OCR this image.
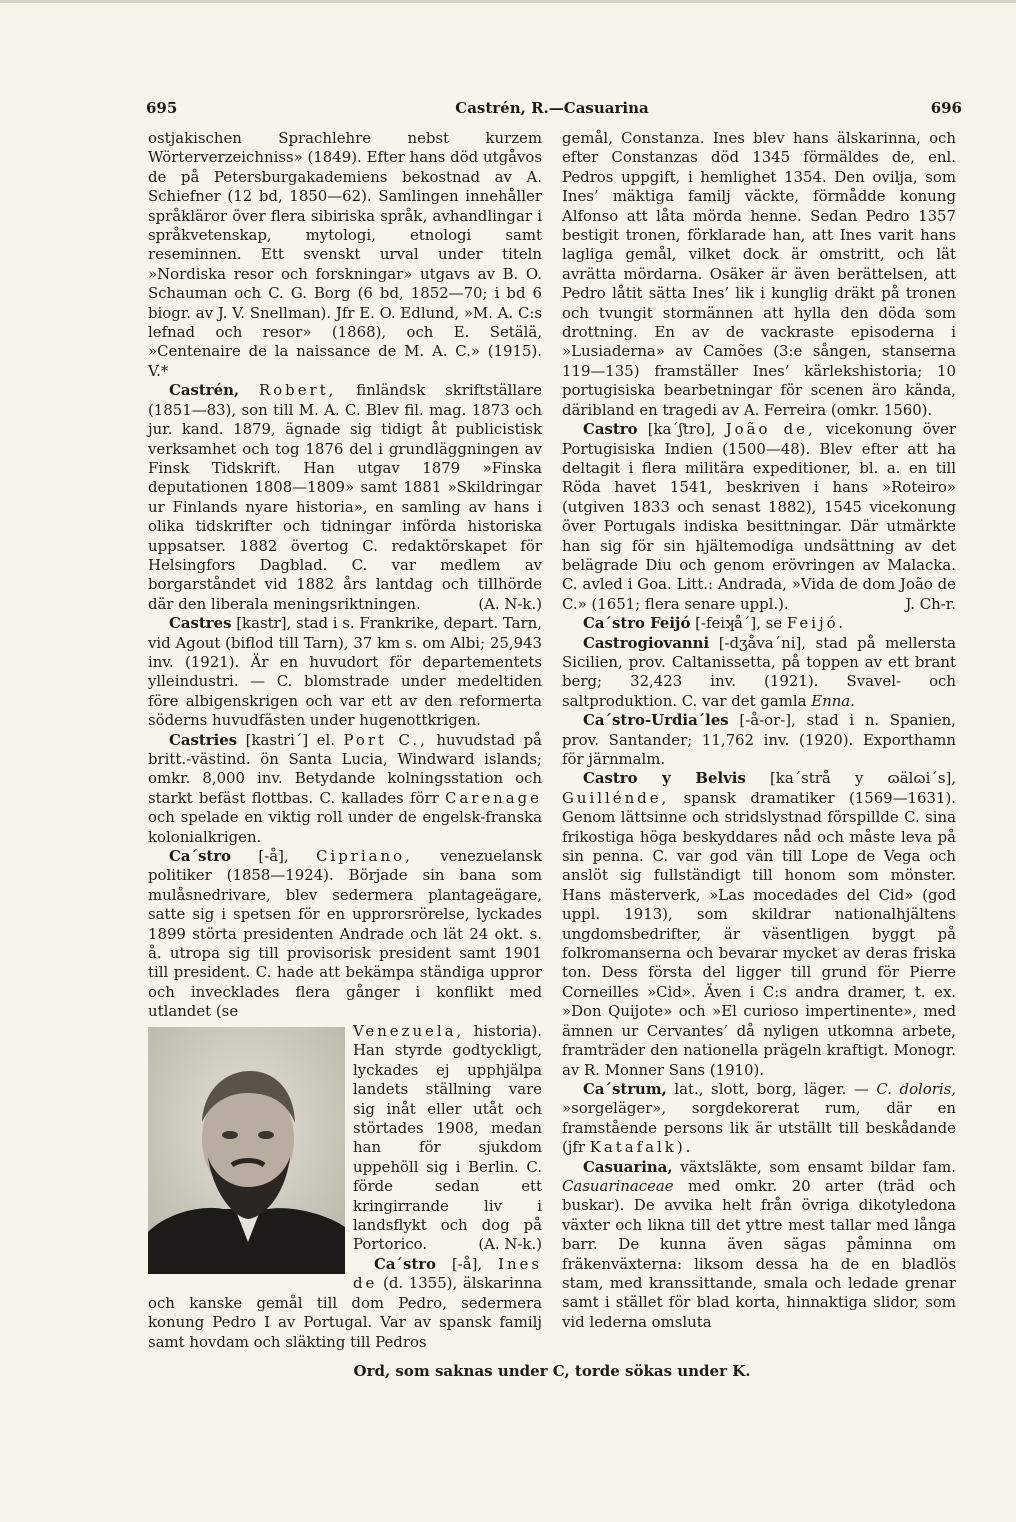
695	Castrén, R.—Casuarina	696

ostjakischen Sprachlehre nebst kurzem Wörterverzeichniss» (1849). Efter hans död utgåvos de på Petersburgakademiens bekostnad av A. Schiefner (12 bd, 1850—62). Samlingen innehåller språkläror över flera sibiriska språk, avhandlingar i språkvetenskap, mytologi, etnologi samt reseminnen. Ett svenskt urval under titeln »Nordiska resor och forskningar» utgavs av B. O. Schauman och C. G. Borg (6 bd, 1852—70; i bd 6 biogr. av J. V. Snellman). Jfr E. O. Edlund, »M. A. C:s lefnad och resor» (1868), och E. Setälä, »Centenaire de la naissance de M. A. C.» (1915). V.*

Castrén, Robert, finländsk skriftställare (1851—83), son till M. A. C. Blev fil. mag. 1873 och jur. kand. 1879, ägnade sig tidigt åt publicistisk verksamhet och tog 1876 del i grundläggningen av Finsk Tidskrift. Han utgav 1879 »Finska deputationen 1808—1809» samt 1881 »Skildringar ur Finlands nyare historia», en samling av hans i olika tidskrifter och tidningar införda historiska uppsatser. 1882 övertog C. redaktörskapet för Helsingfors Dagblad. C. var medlem av borgarståndet vid 1882 års lantdag och tillhörde där den liberala meningsriktningen.	(A. N-k.)

Castres [kastr], stad i s. Frankrike, depart. Tarn, vid Agout (biflod till Tarn), 37 km s. om Albi; 25,943 inv. (1921). Är en huvudort för departementets ylleindustri. — C. blomstrade under medeltiden före albigenskrigen och var ett av den reformerta söderns huvudfästen under hugenottkrigen.

Castries [kastri´] el. Port C., huvudstad på britt.-västind. ön Santa Lucia, Windward islands; omkr. 8,000 inv. Betydande kolningsstation och starkt befäst flottbas. C. kallades förr Carenage och spelade en viktig roll under de engelsk-franska kolonialkrigen.

Ca´stro [-å], Cipriano, venezuelansk politiker (1858—1924). Började sin bana som mulåsnedrivare, blev sedermera plantageägare, satte sig i spetsen för en upprorsrörelse, lyckades 1899 störta presidenten Andrade och lät 24 okt. s. å. utropa sig till provisorisk president samt 1901 till president. C. hade att bekämpa ständiga uppror och invecklades flera gånger i konflikt med utlandet (se

Venezuela, historia). Han styrde godtyckligt, lyckades ej upphjälpa landets ställning vare sig inåt eller utåt och störtades 1908, medan han för sjukdom uppehöll sig i Berlin. C. förde sedan ett kringirrande liv i landsflykt och dog på Portorico.	(A. N-k.)

Ca´stro [-å], Ines de (d. 1355), älskarinna och kanske gemål till dom Pedro, sedermera konung Pedro I av Portugal. Var av spansk familj samt hovdam och släkting till Pedros

gemål, Constanza. Ines blev hans älskarinna, och efter Constanzas död 1345 förmäldes de, enl. Pedros uppgift, i hemlighet 1354. Den ovilja, som Ines’ mäktiga familj väckte, förmådde konung Alfonso att låta mörda henne. Sedan Pedro 1357 bestigit tronen, förklarade han, att Ines varit hans lagliga gemål, vilket dock är omstritt, och lät avrätta mördarna. Osäker är även berättelsen, att Pedro låtit sätta Ines’ lik i kunglig dräkt på tronen och tvungit stormännen att hylla den döda som drottning. En av de vackraste episoderna i »Lusiaderna» av Camões (3:e sången, stanserna 119—135) framställer Ines’ kärlekshistoria; 10 portugisiska bearbetningar för scenen äro kända, däribland en tragedi av A. Ferreira (omkr. 1560).

Castro [ka´ʃtro], João de, vicekonung över Portugisiska Indien (1500—48). Blev efter att ha deltagit i flera militära expeditioner, bl. a. en till Röda havet 1541, beskriven i hans »Roteiro» (utgiven 1833 och senast 1882), 1545 vicekonung över Portugals indiska besittningar. Där utmärkte han sig för sin hjältemodiga undsättning av det belägrade Diu och genom erövringen av Malacka. C. avled i Goa. Litt.: Andrada, »Vida de dom João de C.» (1651; flera senare uppl.).	J. Ch-r.

Ca´stro Feijó [-feiʞå´], se Feijó.

Castrogiovanni [-dʒåva´ni], stad på mellersta Sicilien, prov. Caltanissetta, på toppen av ett brant berg; 32,423 inv. (1921). Svavel- och saltproduktion. C. var det gamla Enna.

Ca´stro-Urdia´les [-å-or-], stad i n. Spanien, prov. Santander; 11,762 inv. (1920). Exporthamn för järnmalm.

Castro y Belvis [ka´strå y ɷälɷi´s], Guillénde, spansk dramatiker (1569—1631). Genom lättsinne och stridslystnad förspillde C. sina frikostiga höga beskyddares nåd och måste leva på sin penna. C. var god vän till Lope de Vega och anslöt sig fullständigt till honom som mönster. Hans mästerverk, »Las mocedades del Cid» (god uppl. 1913), som skildrar nationalhjältens ungdomsbedrifter, är väsentligen byggt på folkromanserna och bevarar mycket av deras friska ton. Dess första del ligger till grund för Pierre Corneilles »Cid». Även i C:s andra dramer, t. ex. »Don Quijote» och »El curioso impertinente», med ämnen ur Cervantes’ då nyligen utkomna arbete, framträder den nationella prägeln kraftigt. Monogr. av R. Monner Sans (1910).

Ca´strum, lat., slott, borg, läger. — C. doloris, »sorgeläger», sorgdekorerat rum, där en framstående persons lik är utställt till beskådande (jfr Katafalk).

Casuarina, växtsläkte, som ensamt bildar fam. Casuarinaceae med omkr. 20 arter (träd och buskar). De avvika helt från övriga dikotyledona växter och likna till det yttre mest tallar med långa barr. De kunna även sägas påminna om fräkenväxterna: liksom dessa ha de en bladlös stam, med kranssittande, smala och ledade grenar samt i stället för blad korta, hinnaktiga slidor, som vid lederna omsluta

Ord, som saknas under C, torde sökas under K.
